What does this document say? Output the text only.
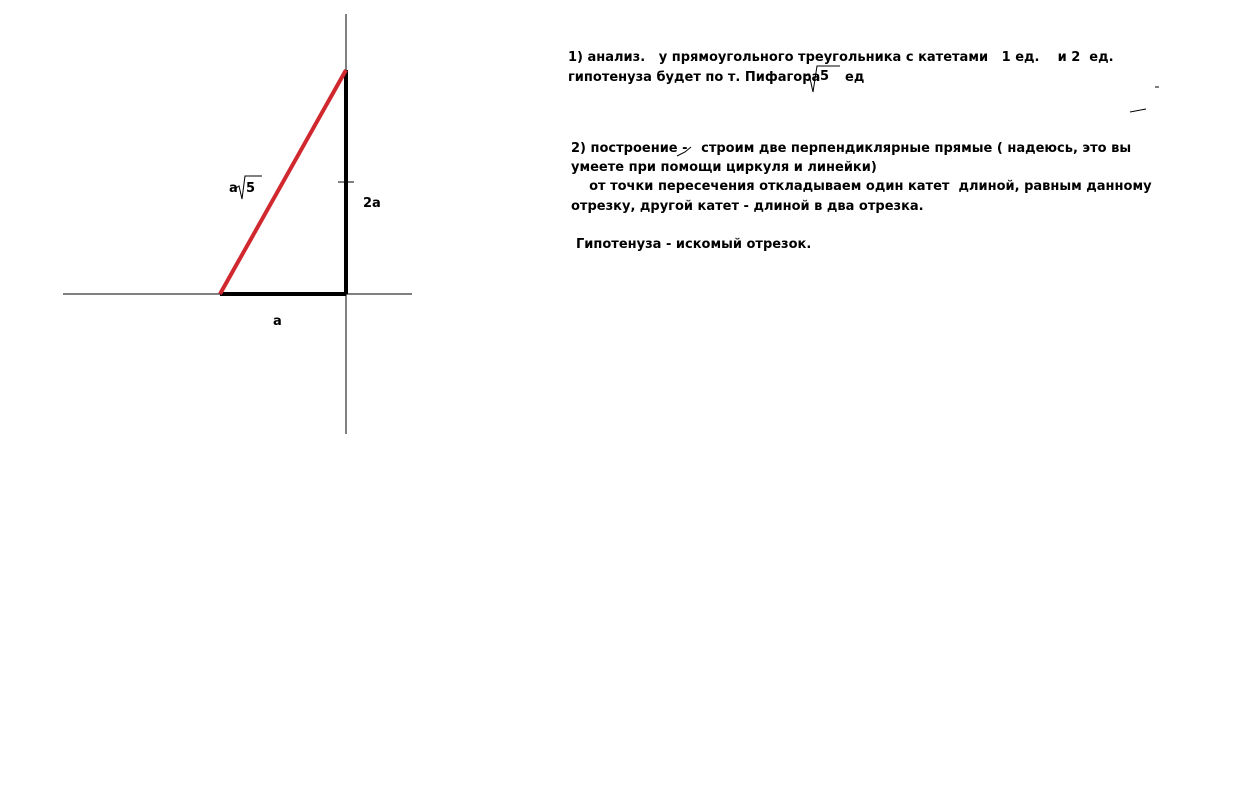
a 5
2a
a
1) анализ.   у прямоугольного треугольника с катетами   1 ед.    и 2  ед.
гипотенуза будет по т. Пифагора 5 ед
2) построение -   строим две перпендиклярные прямые ( надеюсь, это вы
умеете при помощи циркуля и линейки)
от точки пересечения откладываем один катет  длиной, равным данному
отрезку, другой катет - длиной в два отрезка.
Гипотенуза - искомый отрезок.
